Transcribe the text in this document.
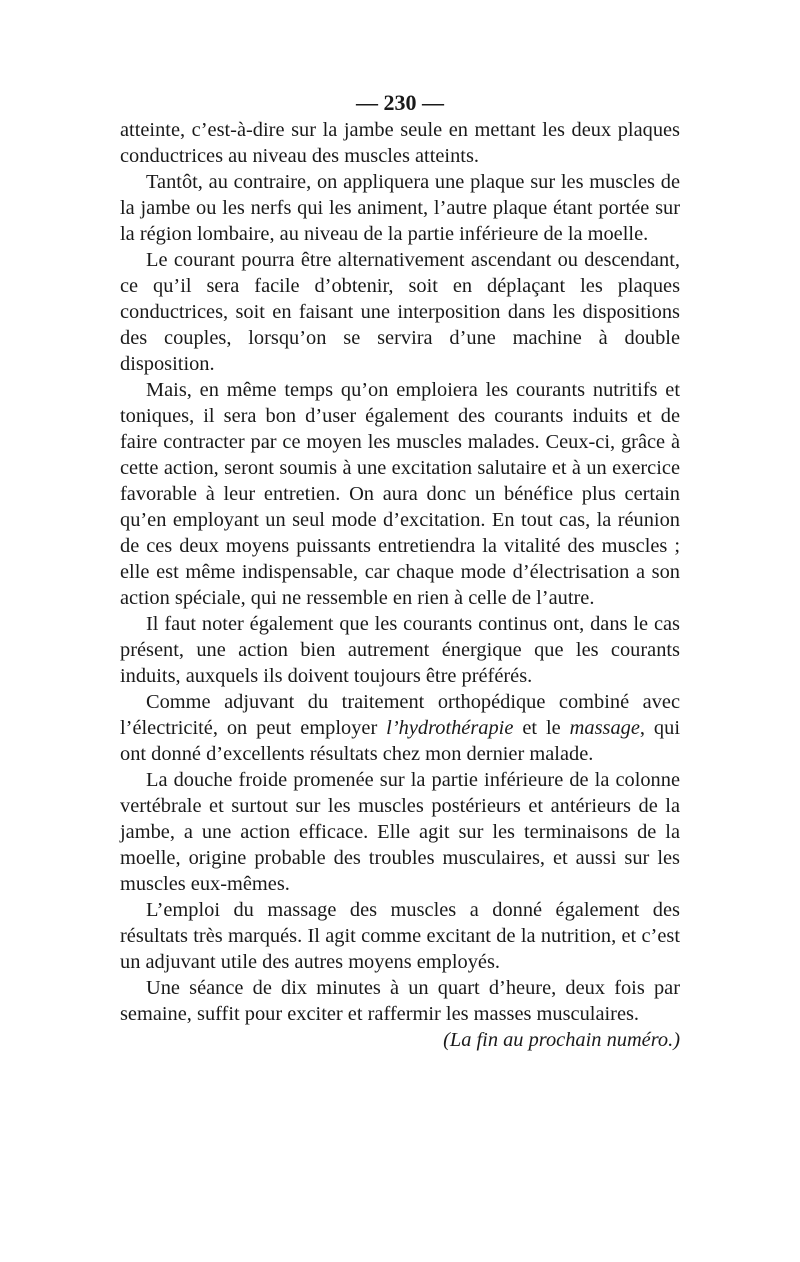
— 230 —

atteinte, c’est-à-dire sur la jambe seule en mettant les deux plaques conductrices au niveau des muscles atteints.

Tantôt, au contraire, on appliquera une plaque sur les muscles de la jambe ou les nerfs qui les animent, l’autre plaque étant portée sur la région lombaire, au niveau de la partie inférieure de la moelle.

Le courant pourra être alternativement ascendant ou descendant, ce qu’il sera facile d’obtenir, soit en déplaçant les plaques conductrices, soit en faisant une interposition dans les dispositions des couples, lorsqu’on se servira d’une machine à double disposition.

Mais, en même temps qu’on emploiera les courants nutritifs et toniques, il sera bon d’user également des courants induits et de faire contracter par ce moyen les muscles malades. Ceux-ci, grâce à cette action, seront soumis à une excitation salutaire et à un exercice favorable à leur entretien. On aura donc un bénéfice plus certain qu’en employant un seul mode d’excitation. En tout cas, la réunion de ces deux moyens puissants entretiendra la vitalité des muscles ; elle est même indispensable, car chaque mode d’électrisation a son action spéciale, qui ne ressemble en rien à celle de l’autre.

Il faut noter également que les courants continus ont, dans le cas présent, une action bien autrement énergique que les courants induits, auxquels ils doivent toujours être préférés.

Comme adjuvant du traitement orthopédique combiné avec l’électricité, on peut employer l’hydrothérapie et le massage, qui ont donné d’excellents résultats chez mon dernier malade.

La douche froide promenée sur la partie inférieure de la colonne vertébrale et surtout sur les muscles postérieurs et antérieurs de la jambe, a une action efficace. Elle agit sur les terminaisons de la moelle, origine probable des troubles musculaires, et aussi sur les muscles eux-mêmes.

L’emploi du massage des muscles a donné également des résultats très marqués. Il agit comme excitant de la nutrition, et c’est un adjuvant utile des autres moyens employés.

Une séance de dix minutes à un quart d’heure, deux fois par semaine, suffit pour exciter et raffermir les masses musculaires.

(La fin au prochain numéro.)
